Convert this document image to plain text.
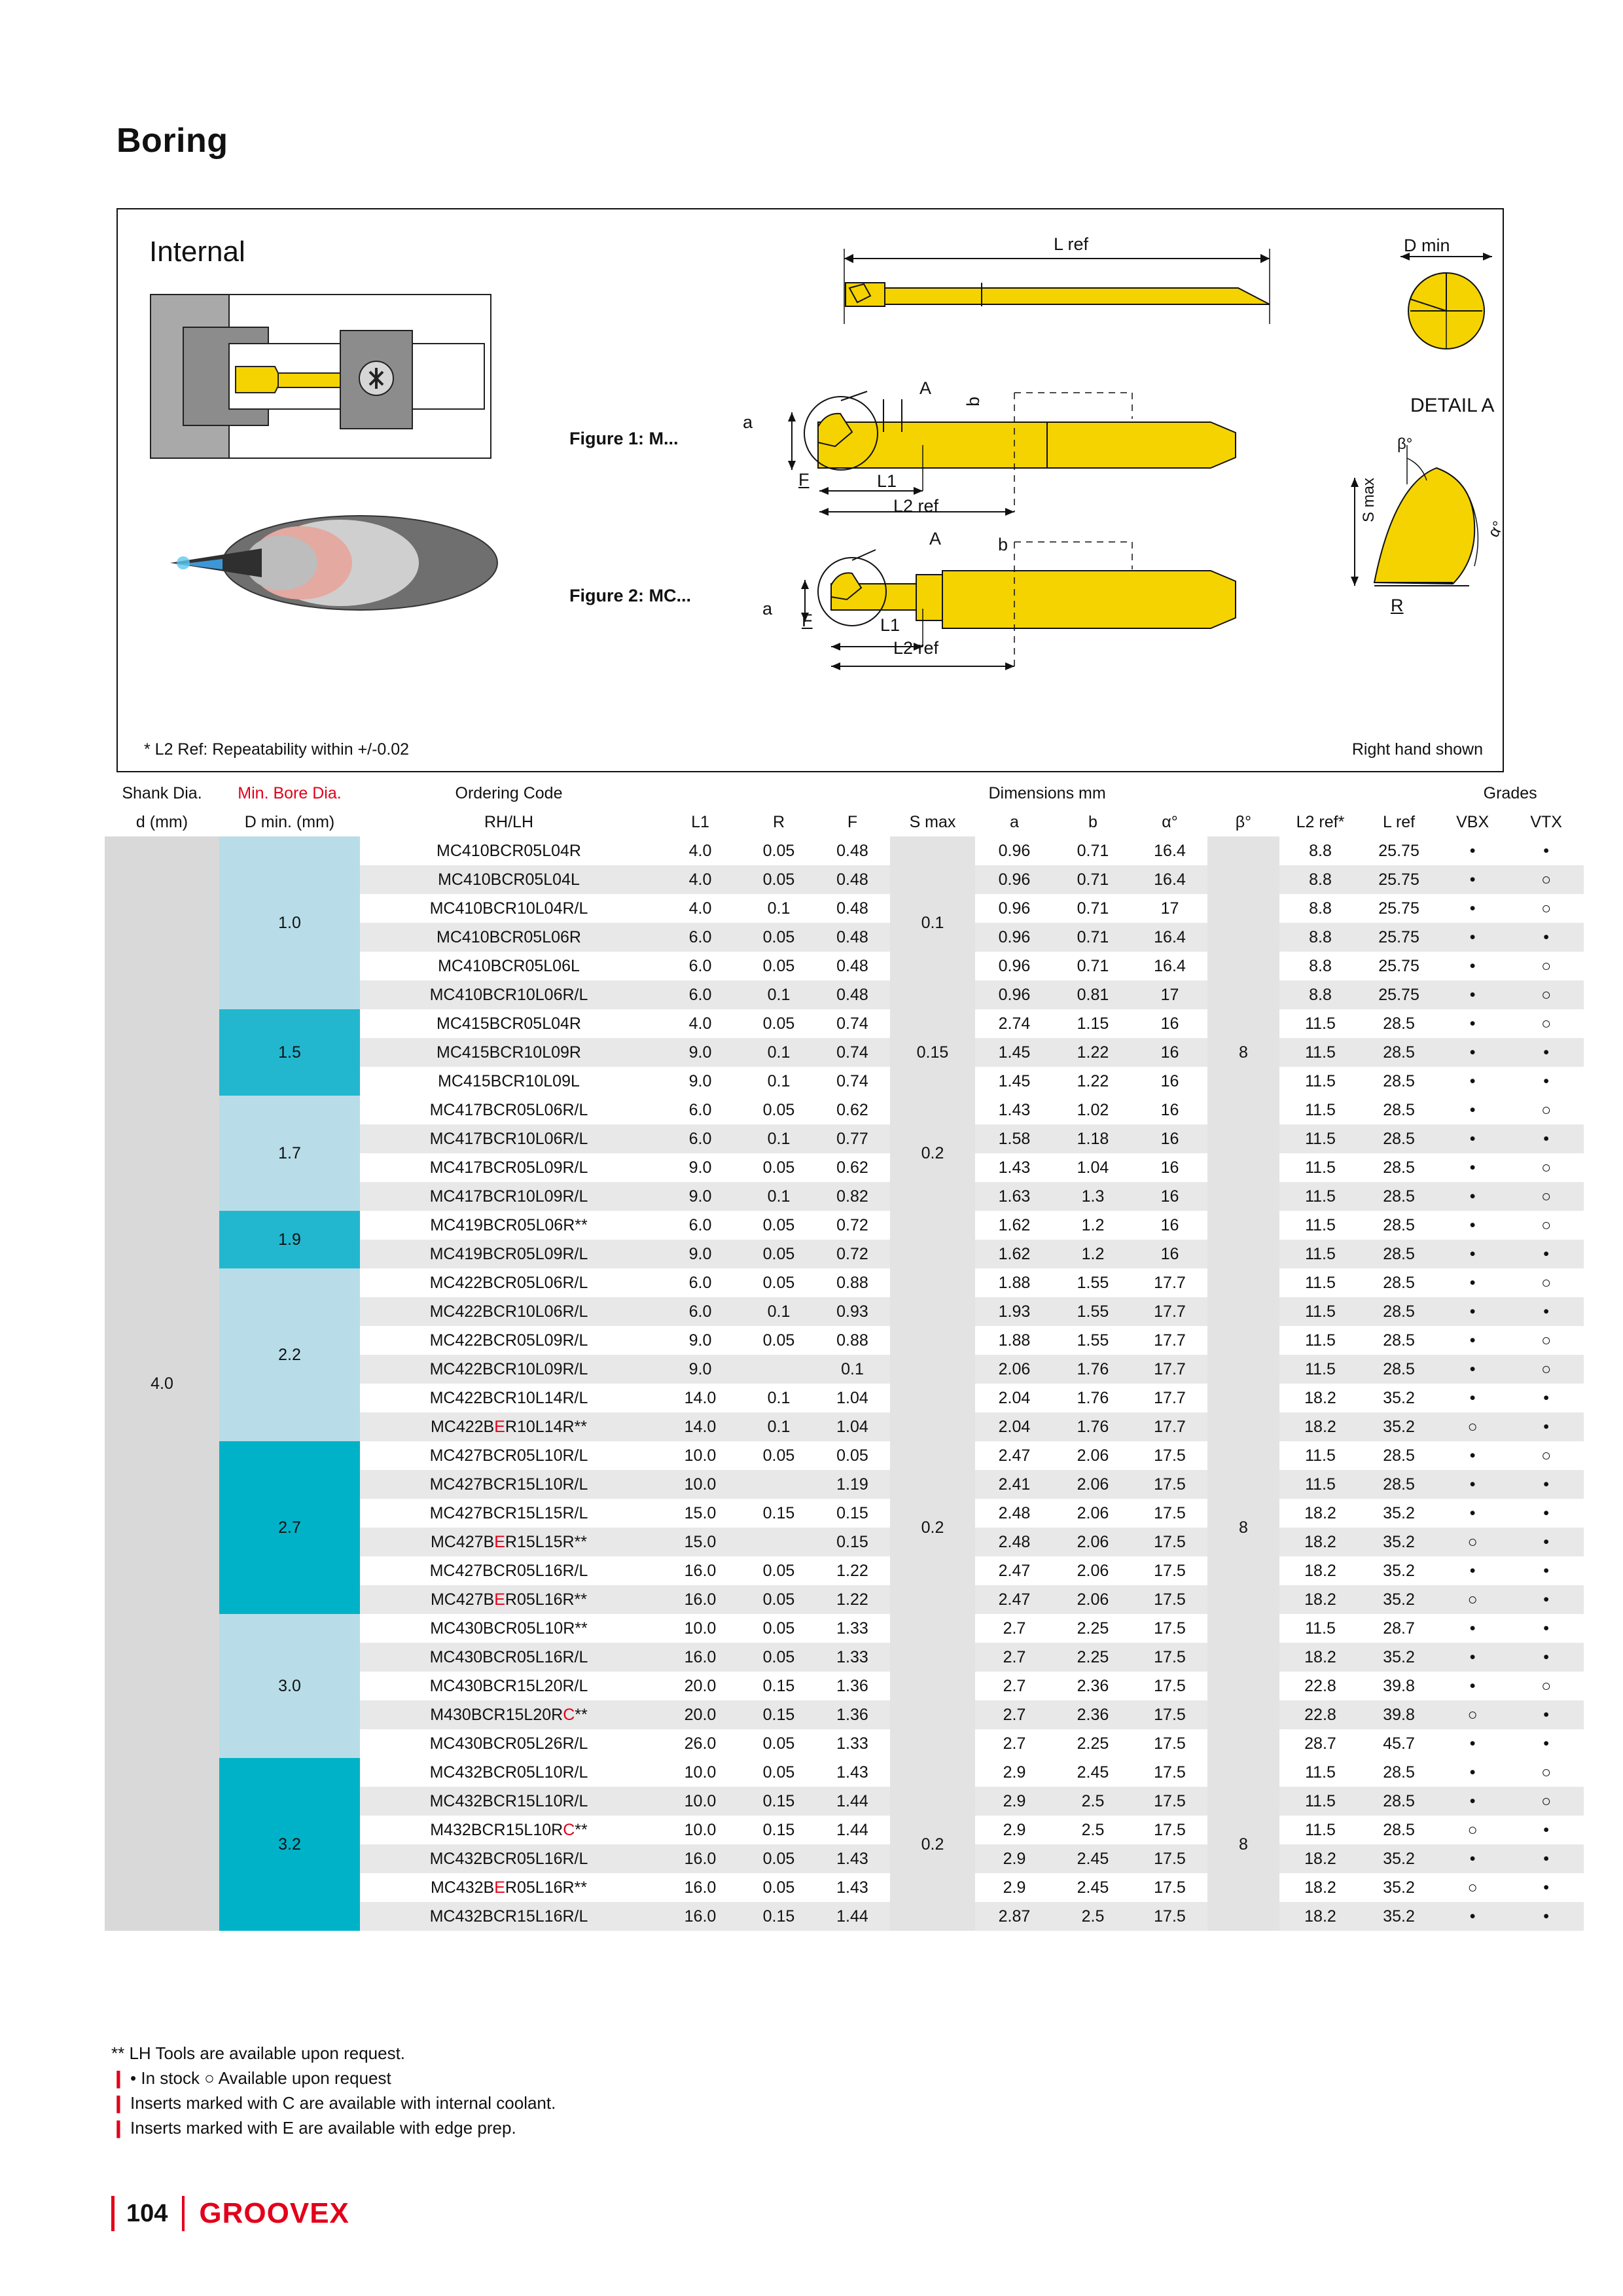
Boring
Internal	L ref	D min
Figure 1: M...
a
A
b
L1
L2 ref
F
Figure 2: MC...
a
A	b
L1
L2 ref
F
DETAIL A
β°
S max
α°
R
* L2 Ref: Repeatability within +/-0.02	Right hand shown
Shank Dia.	Min. Bore Dia.	Ordering Code	Dimensions mm										Grades	
d (mm)	D min. (mm)	RH/LH	L1	R	F	S max	a	b	α°	β°	L2 ref*	L ref	VBX	VTX
4.0	1.0	MC410BCR05L04R	4.0	0.05	0.48	0.1	0.96	0.71	16.4		8.8	25.75	•	•
		MC410BCR05L04L	4.0	0.05	0.48		0.96	0.71	16.4		8.8	25.75	•	○
		MC410BCR10L04R/L	4.0	0.1	0.48		0.96	0.71	17		8.8	25.75	•	○
		MC410BCR05L06R	6.0	0.05	0.48		0.96	0.71	16.4		8.8	25.75	•	•
		MC410BCR05L06L	6.0	0.05	0.48		0.96	0.71	16.4		8.8	25.75	•	○
		MC410BCR10L06R/L	6.0	0.1	0.48		0.96	0.81	17		8.8	25.75	•	○
	1.5	MC415BCR05L04R	4.0	0.05	0.74	0.15	2.74	1.15	16	8	11.5	28.5	•	○
		MC415BCR10L09R	9.0	0.1	0.74		1.45	1.22	16		11.5	28.5	•	•
		MC415BCR10L09L	9.0	0.1	0.74		1.45	1.22	16		11.5	28.5	•	•
	1.7	MC417BCR05L06R/L	6.0	0.05	0.62	0.2	1.43	1.02	16		11.5	28.5	•	○
		MC417BCR10L06R/L	6.0	0.1	0.77		1.58	1.18	16		11.5	28.5	•	•
		MC417BCR05L09R/L	9.0	0.05	0.62		1.43	1.04	16		11.5	28.5	•	○
		MC417BCR10L09R/L	9.0	0.1	0.82		1.63	1.3	16		11.5	28.5	•	○
	1.9	MC419BCR05L06R**	6.0	0.05	0.72		1.62	1.2	16		11.5	28.5	•	○
		MC419BCR05L09R/L	9.0	0.05	0.72		1.62	1.2	16		11.5	28.5	•	•
	2.2	MC422BCR05L06R/L	6.0	0.05	0.88		1.88	1.55	17.7		11.5	28.5	•	○
		MC422BCR10L06R/L	6.0	0.1	0.93		1.93	1.55	17.7		11.5	28.5	•	•
		MC422BCR05L09R/L	9.0	0.05	0.88		1.88	1.55	17.7		11.5	28.5	•	○
		MC422BCR10L09R/L	9.0		0.1		2.06	1.76	17.7		11.5	28.5	•	○
		MC422BCR10L14R/L	14.0	0.1	1.04		2.04	1.76	17.7		18.2	35.2	•	•
		MC422BER10L14R**	14.0	0.1	1.04		2.04	1.76	17.7		18.2	35.2	○	•
	2.7	MC427BCR05L10R/L	10.0	0.05	0.05	0.2	2.47	2.06	17.5	8	11.5	28.5	•	○
		MC427BCR15L10R/L	10.0		1.19		2.41	2.06	17.5		11.5	28.5	•	•
		MC427BCR15L15R/L	15.0	0.15	0.15		2.48	2.06	17.5		18.2	35.2	•	•
		MC427BER15L15R**	15.0		0.15		2.48	2.06	17.5		18.2	35.2	○	•
		MC427BCR05L16R/L	16.0	0.05	1.22		2.47	2.06	17.5		18.2	35.2	•	•
		MC427BER05L16R**	16.0	0.05	1.22		2.47	2.06	17.5		18.2	35.2	○	•
	3.0	MC430BCR05L10R**	10.0	0.05	1.33		2.7	2.25	17.5		11.5	28.7	•	•
		MC430BCR05L16R/L	16.0	0.05	1.33		2.7	2.25	17.5		18.2	35.2	•	•
		MC430BCR15L20R/L	20.0	0.15	1.36		2.7	2.36	17.5		22.8	39.8	•	○
		M430BCR15L20RC**	20.0	0.15	1.36		2.7	2.36	17.5		22.8	39.8	○	•
		MC430BCR05L26R/L	26.0	0.05	1.33		2.7	2.25	17.5		28.7	45.7	•	•
	3.2	MC432BCR05L10R/L	10.0	0.05	1.43	0.2	2.9	2.45	17.5	8	11.5	28.5	•	○
		MC432BCR15L10R/L	10.0	0.15	1.44		2.9	2.5	17.5		11.5	28.5	•	○
		M432BCR15L10RC**	10.0	0.15	1.44		2.9	2.5	17.5		11.5	28.5	○	•
		MC432BCR05L16R/L	16.0	0.05	1.43		2.9	2.45	17.5		18.2	35.2	•	•
		MC432BER05L16R**	16.0	0.05	1.43		2.9	2.45	17.5		18.2	35.2	○	•
		MC432BCR15L16R/L	16.0	0.15	1.44		2.87	2.5	17.5		18.2	35.2	•	•
** LH Tools are available upon request.
❙ • In stock ○ Available upon request
❙ Inserts marked with C are available with internal coolant.
❙ Inserts marked with E are available with edge prep.
104 GROOVEX
